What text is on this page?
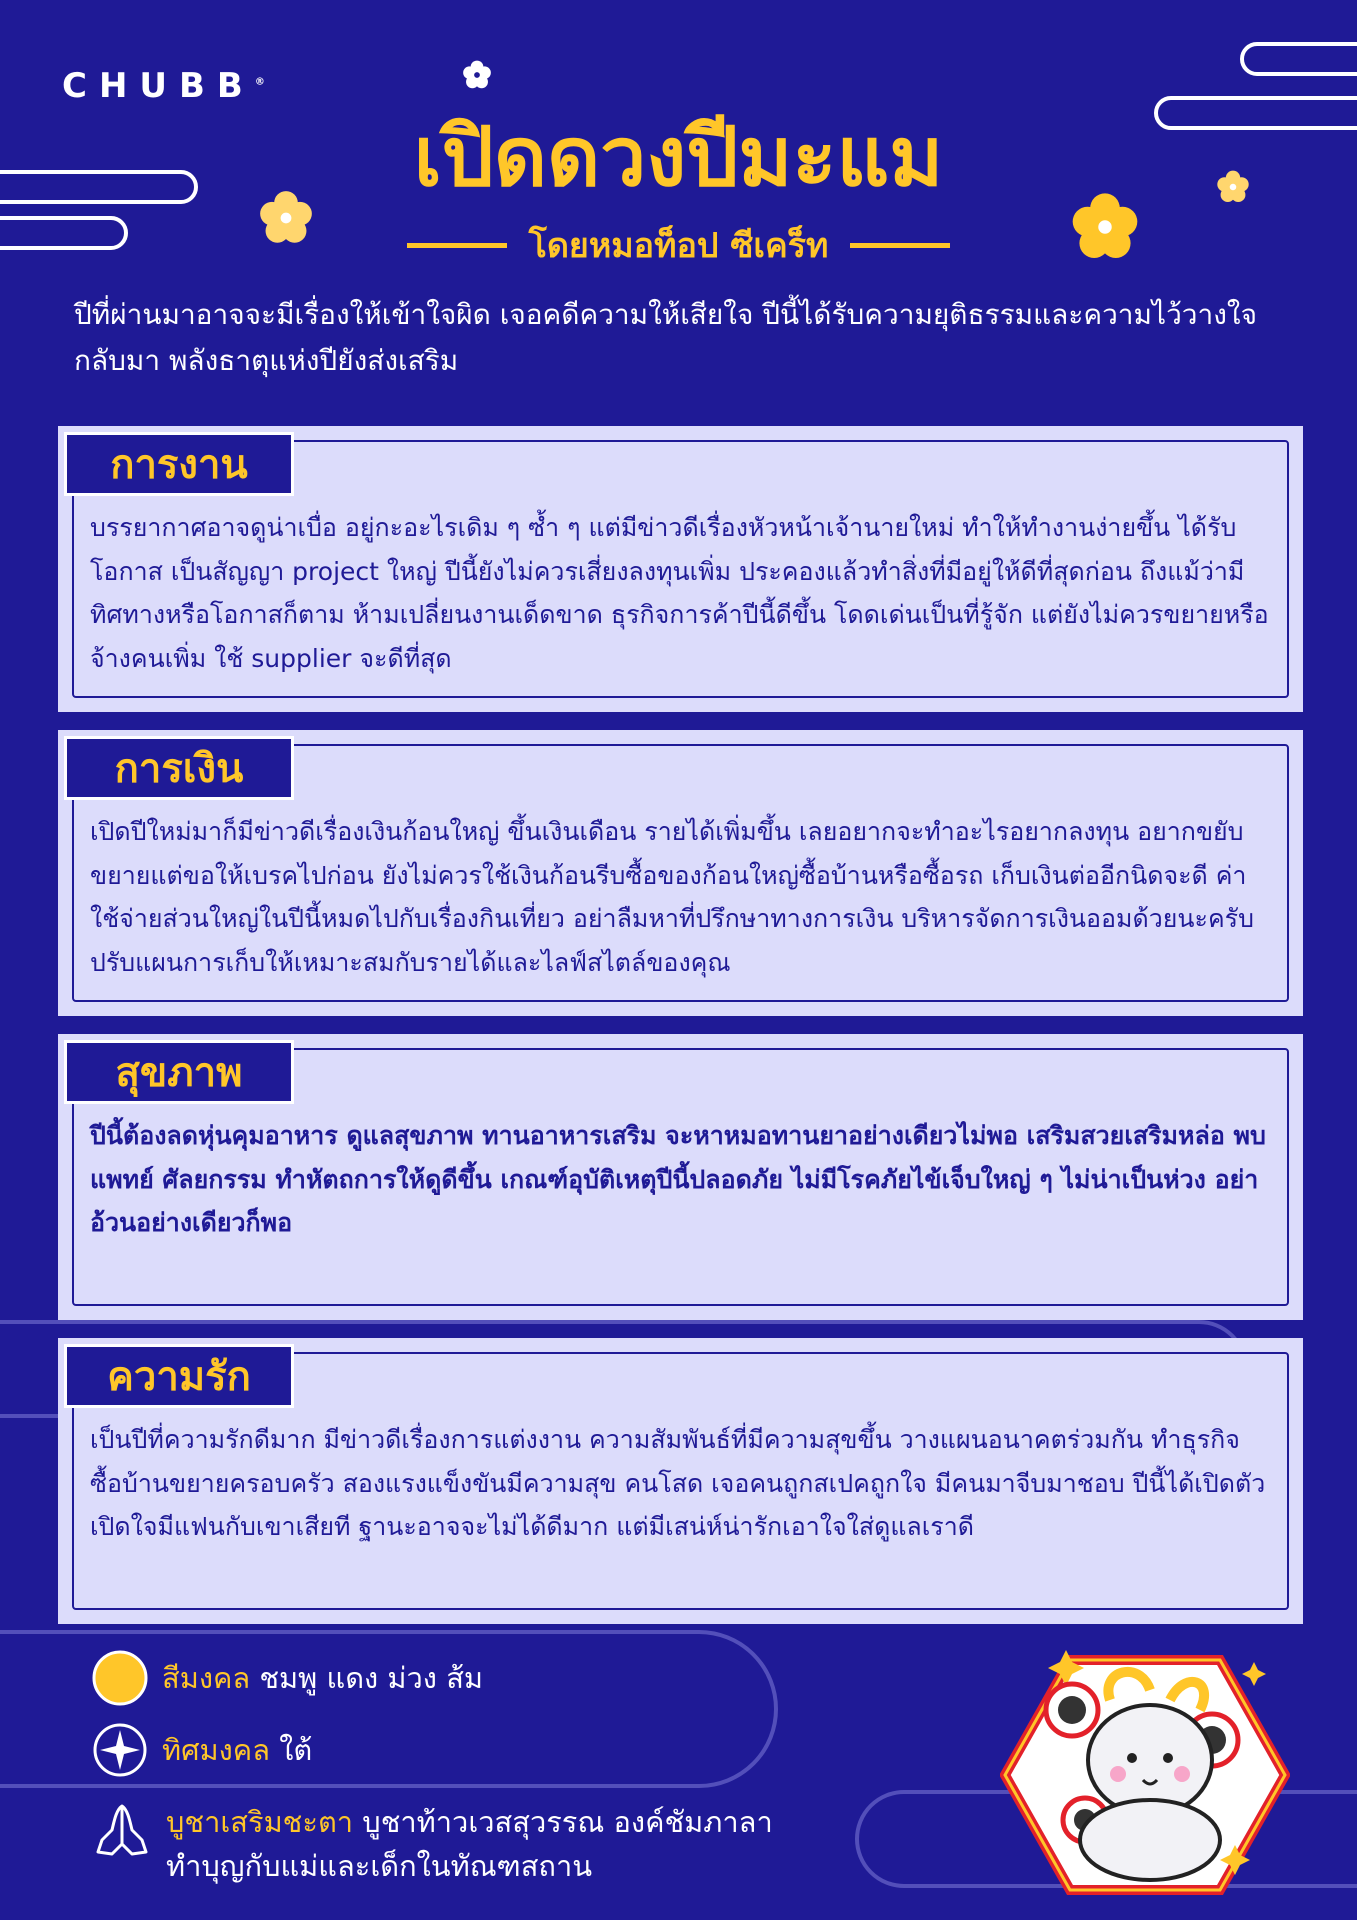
CHUBB®
เปิดดวงปีมะแม
โดยหมอท็อป ซีเคร็ท
ปีที่ผ่านมาอาจจะมีเรื่องให้เข้าใจผิด เจอคดีความให้เสียใจ ปีนี้ได้รับความยุติธรรมและความไว้วางใจกลับมา พลังธาตุแห่งปียังส่งเสริม
การงาน
บรรยากาศอาจดูน่าเบื่อ อยู่กะอะไรเดิม ๆ ซ้ำ ๆ แต่มีข่าวดีเรื่องหัวหน้าเจ้านายใหม่ ทำให้ทำงานง่ายขึ้น ได้รับโอกาส เป็นสัญญา project ใหญ่ ปีนี้ยังไม่ควรเสี่ยงลงทุนเพิ่ม ประคองแล้วทำสิ่งที่มีอยู่ให้ดีที่สุดก่อน ถึงแม้ว่ามีทิศทางหรือโอกาสก็ตาม ห้ามเปลี่ยนงานเด็ดขาด ธุรกิจการค้าปีนี้ดีขึ้น โดดเด่นเป็นที่รู้จัก แต่ยังไม่ควรขยายหรือจ้างคนเพิ่ม ใช้ supplier จะดีที่สุด
การเงิน
เปิดปีใหม่มาก็มีข่าวดีเรื่องเงินก้อนใหญ่ ขึ้นเงินเดือน รายได้เพิ่มขึ้น เลยอยากจะทำอะไรอยากลงทุน อยากขยับขยายแต่ขอให้เบรคไปก่อน ยังไม่ควรใช้เงินก้อนรีบซื้อของก้อนใหญ่ซื้อบ้านหรือซื้อรถ เก็บเงินต่ออีกนิดจะดี ค่าใช้จ่ายส่วนใหญ่ในปีนี้หมดไปกับเรื่องกินเที่ยว อย่าลืมหาที่ปรึกษาทางการเงิน บริหารจัดการเงินออมด้วยนะครับ ปรับแผนการเก็บให้เหมาะสมกับรายได้และไลฟ์สไตล์ของคุณ
สุขภาพ
ปีนี้ต้องลดหุ่นคุมอาหาร ดูแลสุขภาพ ทานอาหารเสริม จะหาหมอทานยาอย่างเดียวไม่พอ เสริมสวยเสริมหล่อ พบแพทย์ ศัลยกรรม ทำหัตถการให้ดูดีขึ้น เกณฑ์อุบัติเหตุปีนี้ปลอดภัย ไม่มีโรคภัยไข้เจ็บใหญ่ ๆ ไม่น่าเป็นห่วง อย่าอ้วนอย่างเดียวก็พอ
ความรัก
เป็นปีที่ความรักดีมาก มีข่าวดีเรื่องการแต่งงาน ความสัมพันธ์ที่มีความสุขขึ้น วางแผนอนาคตร่วมกัน ทำธุรกิจ ซื้อบ้านขยายครอบครัว สองแรงแข็งขันมีความสุข คนโสด เจอคนถูกสเปคถูกใจ มีคนมาจีบมาชอบ ปีนี้ได้เปิดตัวเปิดใจมีแฟนกับเขาเสียที ฐานะอาจจะไม่ได้ดีมาก แต่มีเสน่ห์น่ารักเอาใจใส่ดูแลเราดี
สีมงคล ชมพู แดง ม่วง ส้ม
ทิศมงคล ใต้
บูชาเสริมชะตา บูชาท้าวเวสสุวรรณ องค์ชัมภาลา
ทำบุญกับแม่และเด็กในทัณฑสถาน
